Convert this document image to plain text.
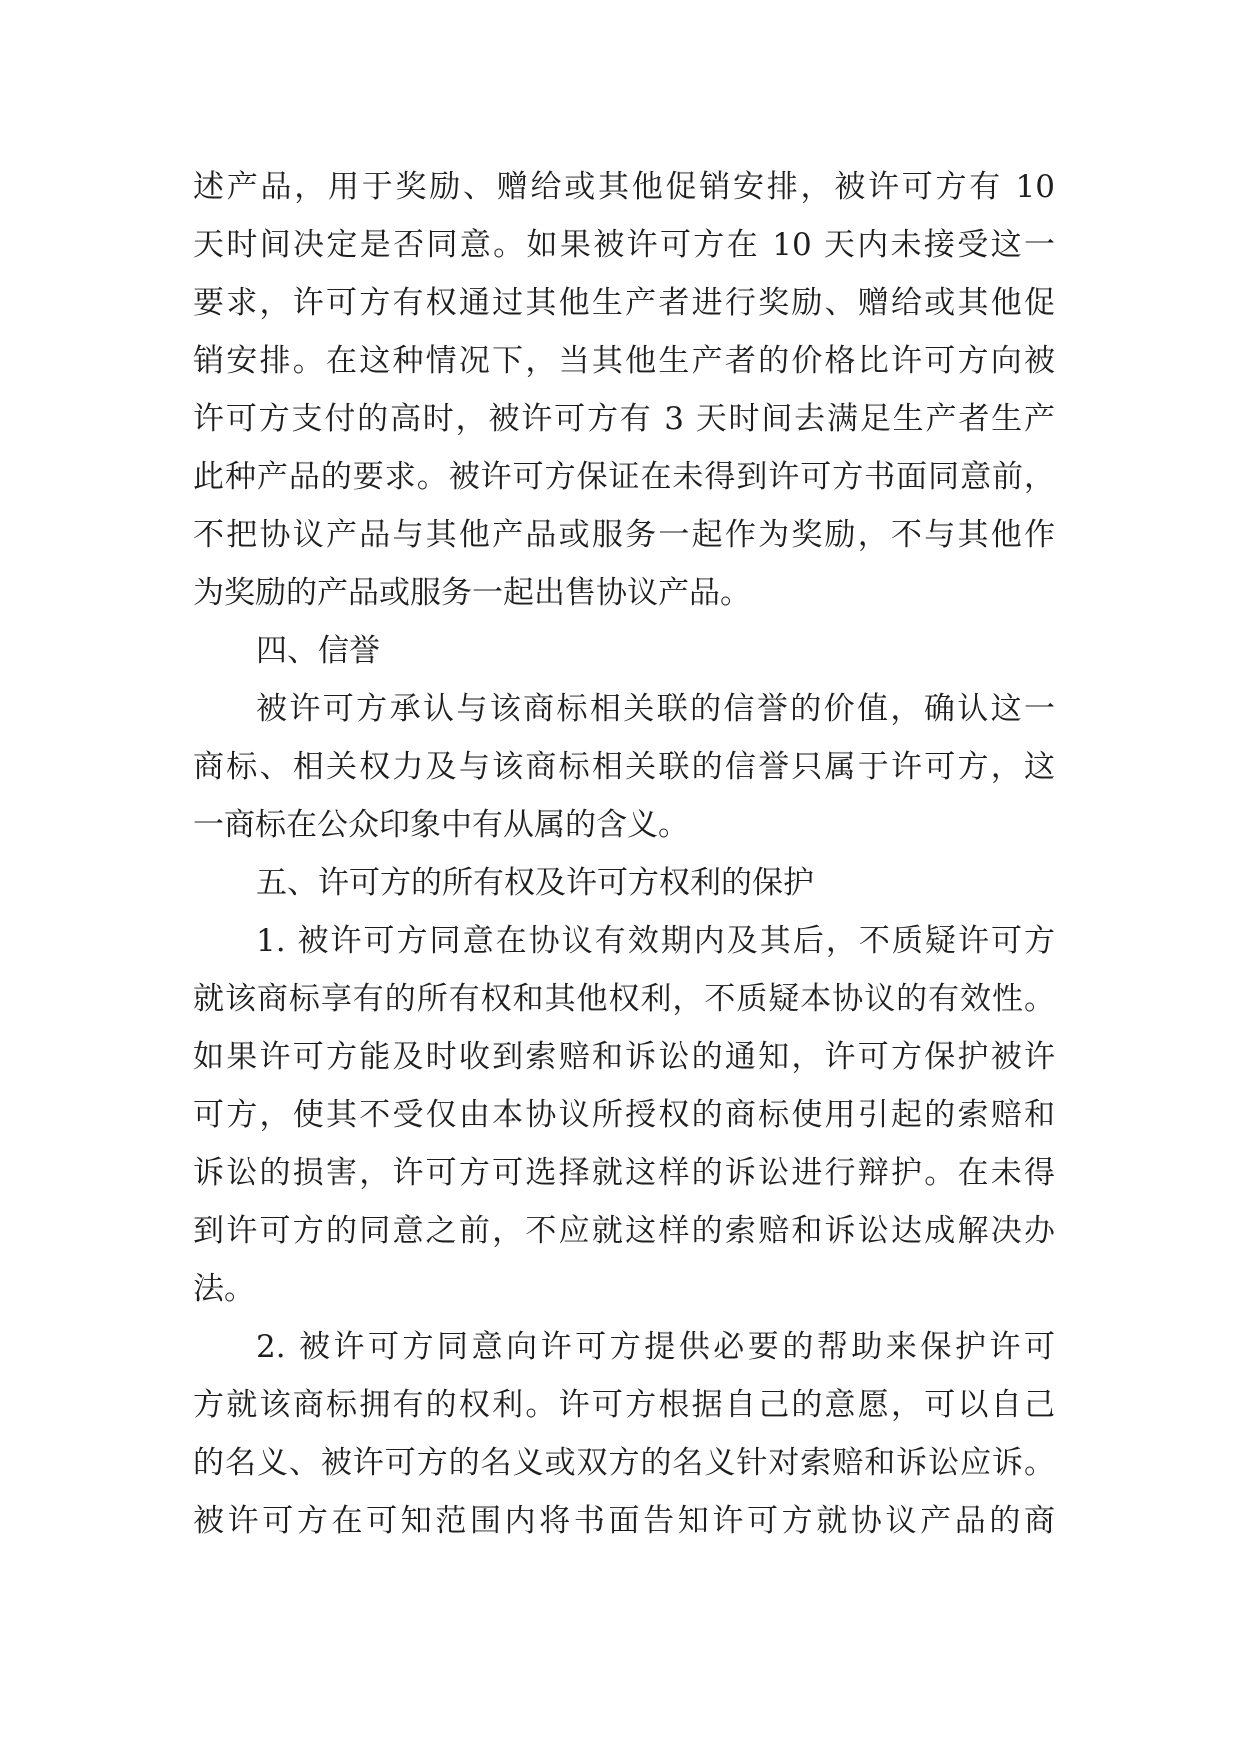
述产品，用于奖励、赠给或其他促销安排，被许可方有 10
天时间决定是否同意。如果被许可方在 10 天内未接受这一
要求，许可方有权通过其他生产者进行奖励、赠给或其他促
销安排。在这种情况下，当其他生产者的价格比许可方向被
许可方支付的高时，被许可方有 3 天时间去满足生产者生产
此种产品的要求。被许可方保证在未得到许可方书面同意前，
不把协议产品与其他产品或服务一起作为奖励，不与其他作
为奖励的产品或服务一起出售协议产品。
四、信誉
被许可方承认与该商标相关联的信誉的价值，确认这一
商标、相关权力及与该商标相关联的信誉只属于许可方，这
一商标在公众印象中有从属的含义。
五、许可方的所有权及许可方权利的保护
1. 被许可方同意在协议有效期内及其后，不质疑许可方
就该商标享有的所有权和其他权利，不质疑本协议的有效性。
如果许可方能及时收到索赔和诉讼的通知，许可方保护被许
可方，使其不受仅由本协议所授权的商标使用引起的索赔和
诉讼的损害，许可方可选择就这样的诉讼进行辩护。在未得
到许可方的同意之前，不应就这样的索赔和诉讼达成解决办
法。
2. 被许可方同意向许可方提供必要的帮助来保护许可
方就该商标拥有的权利。许可方根据自己的意愿，可以自己
的名义、被许可方的名义或双方的名义针对索赔和诉讼应诉。
被许可方在可知范围内将书面告知许可方就协议产品的商
